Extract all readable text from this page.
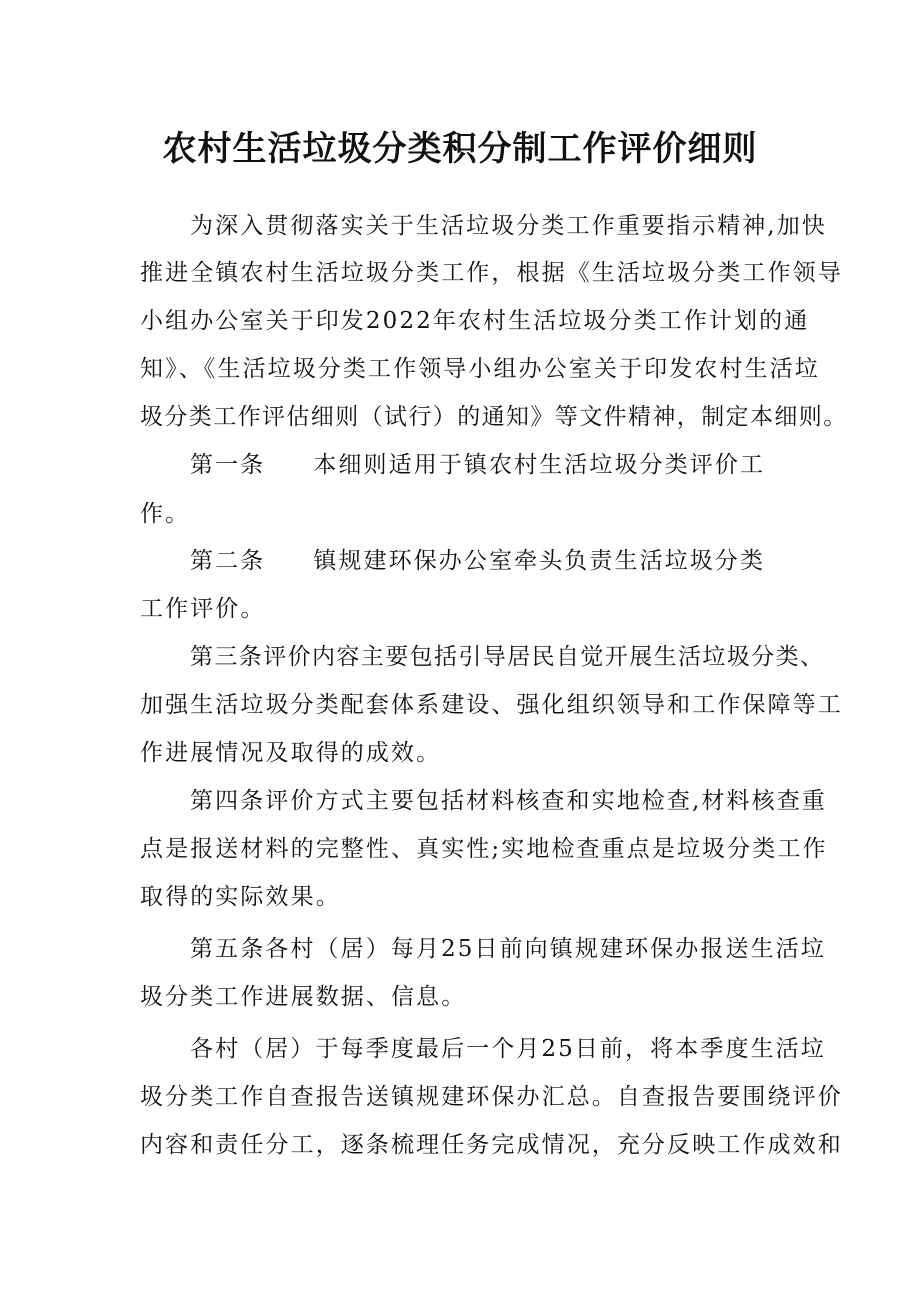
农村生活垃圾分类积分制工作评价细则
为深入贯彻落实关于生活垃圾分类工作重要指示精神,加快
推进全镇农村生活垃圾分类工作，根据《生活垃圾分类工作领导
小组办公室关于印发2022年农村生活垃圾分类工作计划的通
知》、《生活垃圾分类工作领导小组办公室关于印发农村生活垃
圾分类工作评估细则（试行）的通知》等文件精神，制定本细则。
第一条 本细则适用于镇农村生活垃圾分类评价工
作。
第二条 镇规建环保办公室牵头负责生活垃圾分类
工作评价。
第三条评价内容主要包括引导居民自觉开展生活垃圾分类、
加强生活垃圾分类配套体系建设、强化组织领导和工作保障等工
作进展情况及取得的成效。
第四条评价方式主要包括材料核查和实地检查,材料核查重
点是报送材料的完整性、真实性;实地检查重点是垃圾分类工作
取得的实际效果。
第五条各村（居）每月25日前向镇规建环保办报送生活垃
圾分类工作进展数据、信息。
各村（居）于每季度最后一个月25日前，将本季度生活垃
圾分类工作自查报告送镇规建环保办汇总。自查报告要围绕评价
内容和责任分工，逐条梳理任务完成情况，充分反映工作成效和
